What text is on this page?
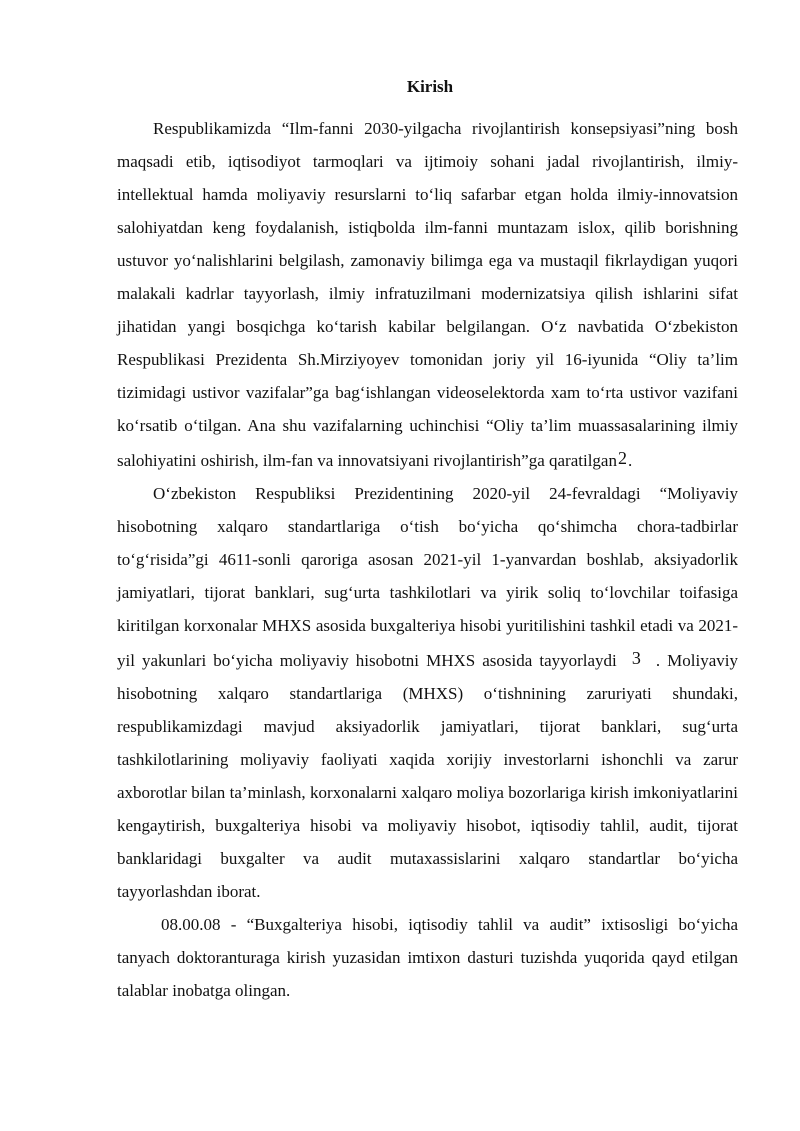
Kirish

Respublikamizda “Ilm-fanni 2030-yilgacha rivojlantirish konsepsiyasi”ning bosh maqsadi etib, iqtisodiyot tarmoqlari va ijtimoiy sohani jadal rivojlantirish, ilmiy-intellektual hamda moliyaviy resurslarni to‘liq safarbar etgan holda ilmiy-innovatsion salohiyatdan keng foydalanish, istiqbolda ilm-fanni muntazam islox, qilib borishning ustuvor yo‘nalishlarini belgilash, zamonaviy bilimga ega va mustaqil fikrlaydigan yuqori malakali kadrlar tayyorlash, ilmiy infratuzilmani modernizatsiya qilish ishlarini sifat jihatidan yangi bosqichga ko‘tarish kabilar belgilangan. O‘z navbatida O‘zbekiston Respublikasi Prezidenta Sh.Mirziyoyev tomonidan joriy yil 16-iyunida “Oliy ta’lim tizimidagi ustivor vazifalar”ga bag‘ishlangan videoselektorda xam to‘rta ustivor vazifani ko‘rsatib o‘tilgan. Ana shu vazifalarning uchinchisi “Oliy ta’lim muassasalarining ilmiy salohiyatini oshirish, ilm-fan va innovatsiyani rivojlantirish”ga qaratilgan2.

O‘zbekiston Respubliksi Prezidentining 2020-yil 24-fevraldagi “Moliyaviy hisobotning xalqaro standartlariga o‘tish bo‘yicha qo‘shimcha chora-tadbirlar to‘g‘risida”gi 4611-sonli qaroriga asosan 2021-yil 1-yanvardan boshlab, aksiyadorlik jamiyatlari, tijorat banklari, sug‘urta tashkilotlari va yirik soliq to‘lovchilar toifasiga kiritilgan korxonalar MHXS asosida buxgalteriya hisobi yuritilishini tashkil etadi va 2021-yil yakunlari bo‘yicha moliyaviy hisobotni MHXS asosida tayyorlaydi 3 . Moliyaviy hisobotning xalqaro standartlariga (MHXS) o‘tishnining zaruriyati shundaki, respublikamizdagi mavjud aksiyadorlik jamiyatlari, tijorat banklari, sug‘urta tashkilotlarining moliyaviy faoliyati xaqida xorijiy investorlarni ishonchli va zarur axborotlar bilan ta’minlash, korxonalarni xalqaro moliya bozorlariga kirish imkoniyatlarini kengaytirish, buxgalteriya hisobi va moliyaviy hisobot, iqtisodiy tahlil, audit, tijorat banklaridagi buxgalter va audit mutaxassislarini xalqaro standartlar bo‘yicha tayyorlashdan iborat.

08.00.08 - “Buxgalteriya hisobi, iqtisodiy tahlil va audit” ixtisosligi bo‘yicha tanyach doktoranturaga kirish yuzasidan imtixon dasturi tuzishda yuqorida qayd etilgan talablar inobatga olingan.
